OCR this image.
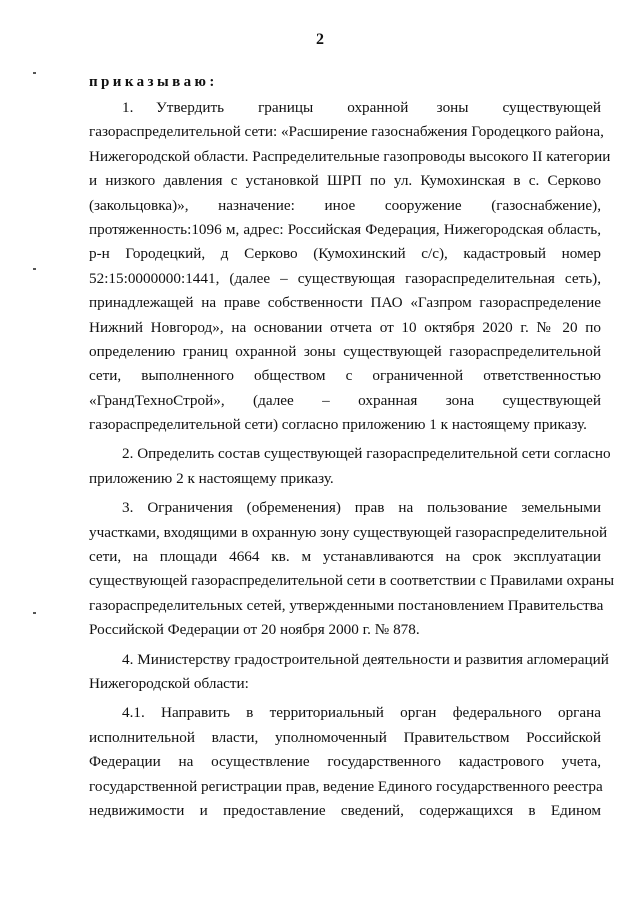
2
приказываю:
1.    Утвердить      границы      охранной     зоны      существующей
газораспределительной сети: «Расширение газоснабжения Городецкого района,
Нижегородской области. Распределительные газопроводы высокого II категории
и низкого давления с установкой ШРП по ул. Кумохинская в с. Серково
(закольцовка)», назначение: иное сооружение (газоснабжение),
протяженность:1096 м, адрес: Российская Федерация, Нижегородская область,
р-н Городецкий, д Серково (Кумохинский с/с), кадастровый номер
52:15:0000000:1441, (далее – существующая газораспределительная сеть),
принадлежащей на праве собственности ПАО «Газпром газораспределение
Нижний Новгород», на основании отчета от 10 октября 2020 г. № 20 по
определению границ охранной зоны существующей газораспределительной
сети, выполненного обществом с ограниченной ответственностью
«ГрандТехноСтрой», (далее – охранная зона существующей
газораспределительной сети) согласно приложению 1 к настоящему приказу.
2. Определить состав существующей газораспределительной сети согласно
приложению 2 к настоящему приказу.
3. Ограничения (обременения) прав на пользование земельными
участками, входящими в охранную зону существующей газораспределительной
сети, на площади 4664 кв. м устанавливаются на срок эксплуатации
существующей газораспределительной сети в соответствии с Правилами охраны
газораспределительных сетей, утвержденными постановлением Правительства
Российской Федерации от 20 ноября 2000 г. № 878.
4. Министерству градостроительной деятельности и развития агломераций
Нижегородской области:
4.1. Направить в территориальный орган федерального органа
исполнительной власти, уполномоченный Правительством Российской
Федерации на осуществление государственного кадастрового учета,
государственной регистрации прав, ведение Единого государственного реестра
недвижимости и предоставление сведений, содержащихся в Едином
